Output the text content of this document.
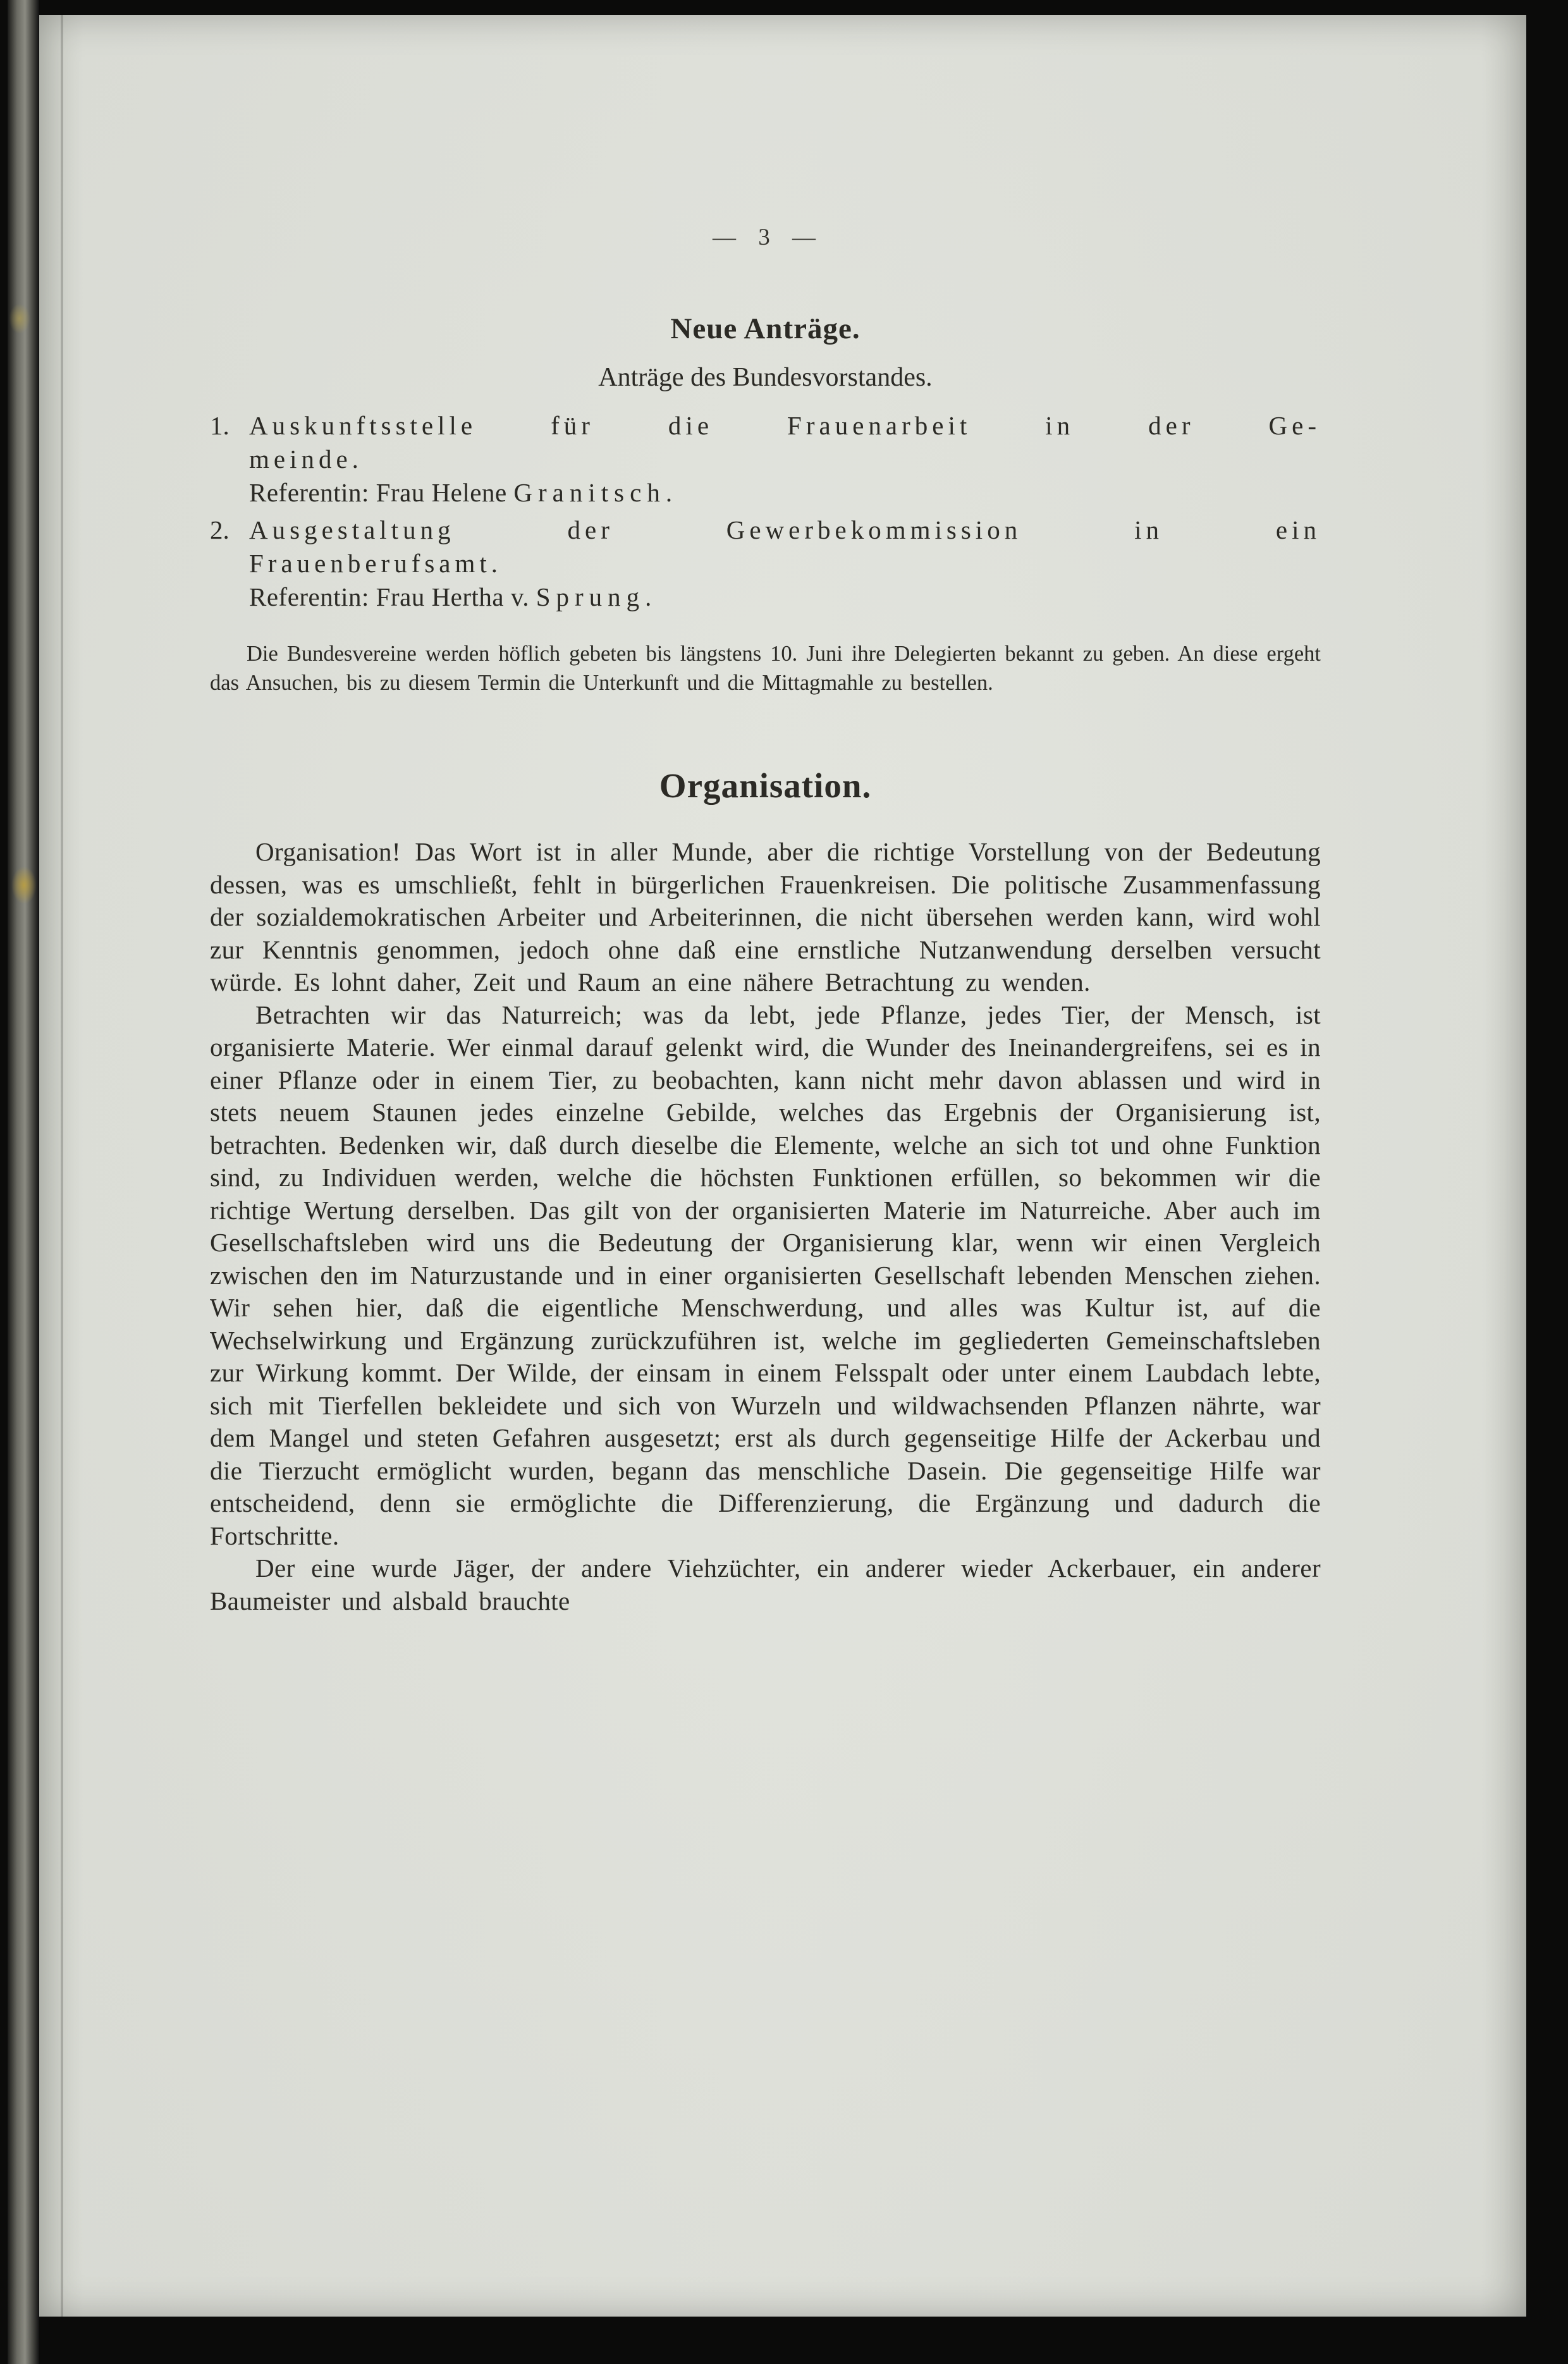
— 3 —
Neue Anträge.
Anträge des Bundesvorstandes.
1. Auskunftsstelle für die Frauenarbeit in der Ge-
meinde.
Referentin: Frau Helene Granitsch.
2. Ausgestaltung der Gewerbekommission in ein
Frauenberufsamt.
Referentin: Frau Hertha v. Sprung.
Die Bundesvereine werden höflich gebeten bis längstens 10. Juni ihre Delegierten bekannt zu geben. An diese ergeht das Ansuchen, bis zu diesem Termin die Unterkunft und die Mittagmahle zu bestellen.
Organisation.
Organisation! Das Wort ist in aller Munde, aber die richtige Vorstellung von der Bedeutung dessen, was es umschließt, fehlt in bürgerlichen Frauenkreisen. Die politische Zusammenfassung der sozialdemokratischen Arbeiter und Arbeiterinnen, die nicht übersehen werden kann, wird wohl zur Kenntnis genommen, jedoch ohne daß eine ernstliche Nutzanwendung derselben versucht würde. Es lohnt daher, Zeit und Raum an eine nähere Betrachtung zu wenden.
Betrachten wir das Naturreich; was da lebt, jede Pflanze, jedes Tier, der Mensch, ist organisierte Materie. Wer einmal darauf gelenkt wird, die Wunder des Ineinandergreifens, sei es in einer Pflanze oder in einem Tier, zu beobachten, kann nicht mehr davon ablassen und wird in stets neuem Staunen jedes einzelne Gebilde, welches das Ergebnis der Organisierung ist, betrachten. Bedenken wir, daß durch dieselbe die Elemente, welche an sich tot und ohne Funktion sind, zu Individuen werden, welche die höchsten Funktionen erfüllen, so bekommen wir die richtige Wertung derselben. Das gilt von der organisierten Materie im Naturreiche. Aber auch im Gesellschaftsleben wird uns die Bedeutung der Organisierung klar, wenn wir einen Vergleich zwischen den im Naturzustande und in einer organisierten Gesellschaft lebenden Menschen ziehen. Wir sehen hier, daß die eigentliche Menschwerdung, und alles was Kultur ist, auf die Wechselwirkung und Ergänzung zurückzuführen ist, welche im gegliederten Gemeinschaftsleben zur Wirkung kommt. Der Wilde, der einsam in einem Felsspalt oder unter einem Laubdach lebte, sich mit Tierfellen bekleidete und sich von Wurzeln und wildwachsenden Pflanzen nährte, war dem Mangel und steten Gefahren ausgesetzt; erst als durch gegenseitige Hilfe der Ackerbau und die Tierzucht ermöglicht wurden, begann das menschliche Dasein. Die gegenseitige Hilfe war entscheidend, denn sie ermöglichte die Differenzierung, die Ergänzung und dadurch die Fortschritte.
Der eine wurde Jäger, der andere Viehzüchter, ein anderer wieder Ackerbauer, ein anderer Baumeister und alsbald brauchte
